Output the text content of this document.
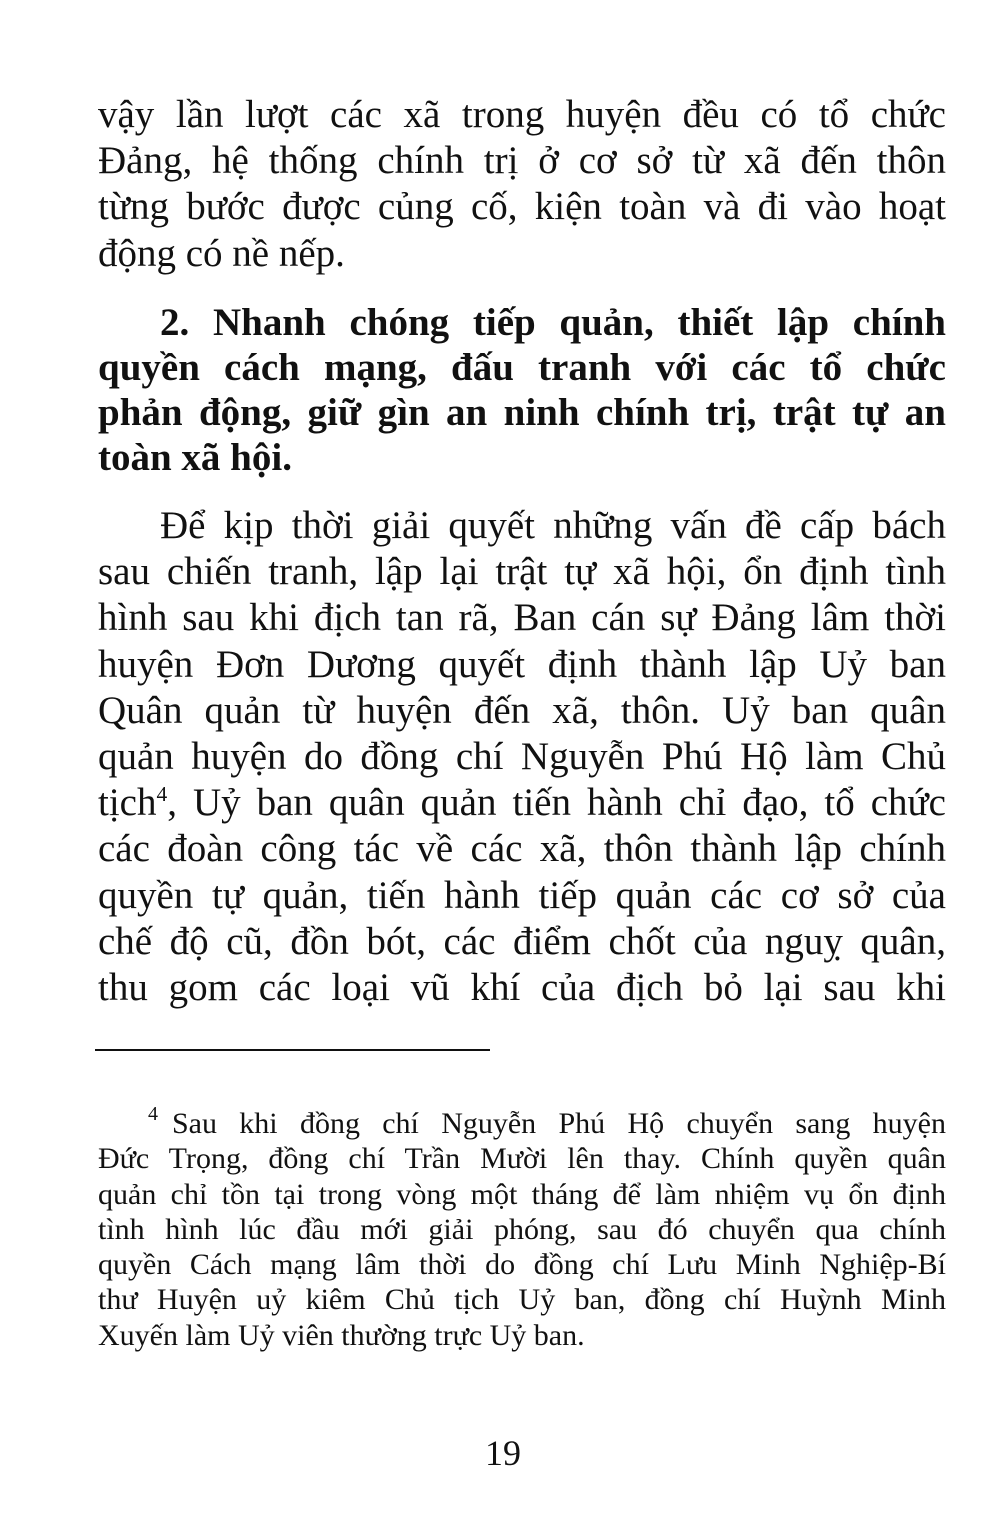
vậy lần lượt các xã trong huyện đều có tổ chức
Đảng, hệ thống chính trị ở cơ sở từ xã đến thôn
từng bước được củng cố, kiện toàn và đi vào hoạt
động có nề nếp.
2. Nhanh chóng tiếp quản, thiết lập chính
quyền cách mạng, đấu tranh với các tổ chức
phản động, giữ gìn an ninh chính trị, trật tự an
toàn xã hội.
Để kịp thời giải quyết những vấn đề cấp bách
sau chiến tranh, lập lại trật tự xã hội, ổn định tình
hình sau khi địch tan rã, Ban cán sự Đảng lâm thời
huyện Đơn Dương quyết định thành lập Uỷ ban
Quân quản từ huyện đến xã, thôn. Uỷ ban quân
quản huyện do đồng chí Nguyễn Phú Hộ làm Chủ
tịch$^4$, Uỷ ban quân quản tiến hành chỉ đạo, tổ chức
các đoàn công tác về các xã, thôn thành lập chính
quyền tự quản, tiến hành tiếp quản các cơ sở của
chế độ cũ, đồn bót, các điểm chốt của nguỵ quân,
thu gom các loại vũ khí của địch bỏ lại sau khi
$^4$ Sau khi đồng chí Nguyễn Phú Hộ chuyển sang huyện
Đức Trọng, đồng chí Trần Mười lên thay. Chính quyền quân
quản chỉ tồn tại trong vòng một tháng để làm nhiệm vụ ổn định
tình hình lúc đầu mới giải phóng, sau đó chuyển qua chính
quyền Cách mạng lâm thời do đồng chí Lưu Minh Nghiệp-Bí
thư Huyện uỷ kiêm Chủ tịch Uỷ ban, đồng chí Huỳnh Minh
Xuyến làm Uỷ viên thường trực Uỷ ban.
19
